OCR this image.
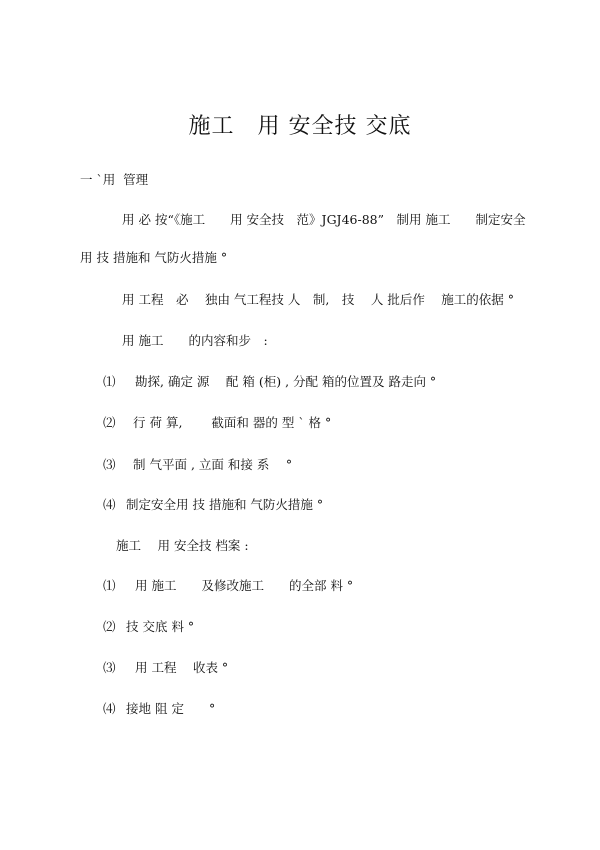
施工　用 安全技 交底
一 `用  管理
用 必 按“《施工　　用 安全技　范》JGJ46-88”　制用 施工　　制定安全
用 技 措施和 气防火措施 °
用 工程　必　 独由 气工程技 人　制,　技　 人 批后作　 施工的依据 °
用 施工　　的内容和步　:
⑴ 勘探, 确定 源　 配 箱 (柜) , 分配 箱的位置及 路走向 °
⑵ 行 荷 算,　　 截面和 器的 型 ` 格 °
⑶ 制 气平面 , 立面 和接 系　 °
⑷ 制定安全用 技 措施和 气防火措施 °
施工　 用 安全技 档案 :
⑴ 用 施工　　及修改施工　　的全部 料 °
⑵ 技 交底 料 °
⑶ 用 工程　 收表 °
⑷ 接地 阻 定　　°
